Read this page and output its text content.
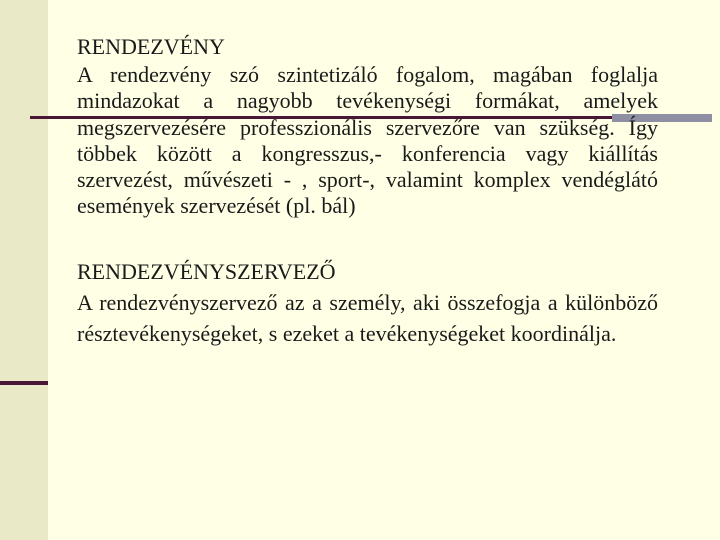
RENDEZVÉNY

A rendezvény szó szintetizáló fogalom, magában foglalja mindazokat a nagyobb tevékenységi formákat, amelyek megszervezésére professzionális szervezőre van szükség. Így többek között a kongresszus,- konferencia vagy kiállítás szervezést, művészeti - , sport-, valamint komplex vendéglátó események szervezését (pl. bál)

RENDEZVÉNYSZERVEZŐ

A rendezvényszervező az a személy, aki összefogja a különböző résztevékenységeket, s ezeket a tevékenységeket koordinálja.
